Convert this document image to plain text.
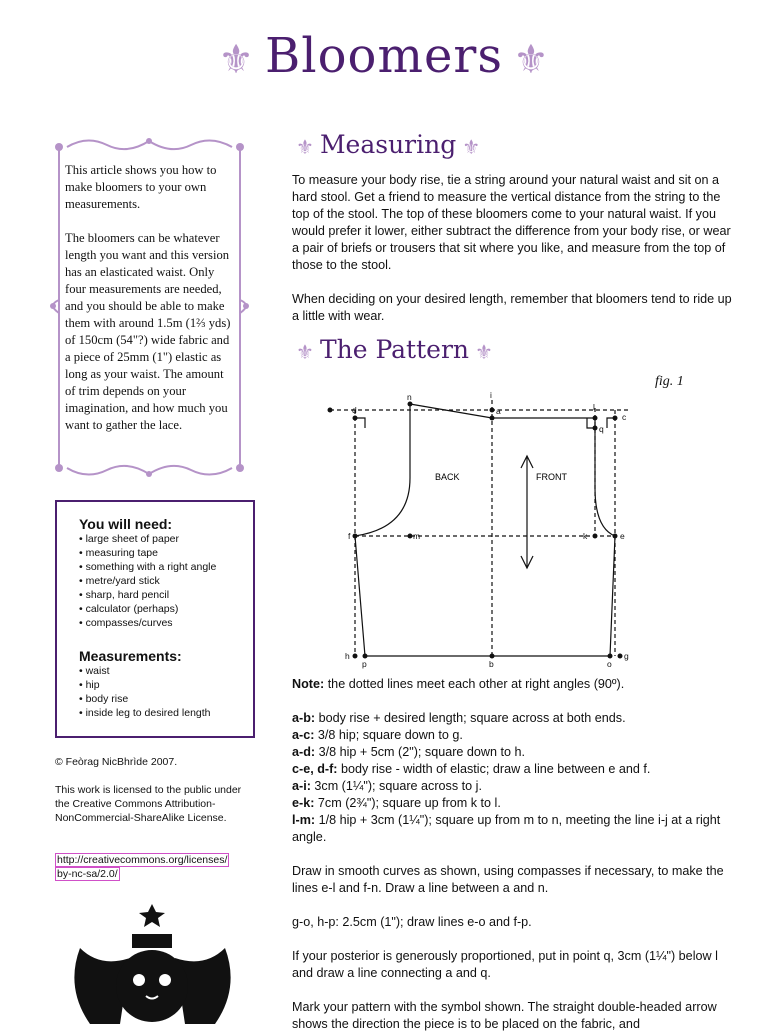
⚜ Bloomers ⚜

This article shows you how to make bloomers to your own measurements.

The bloomers can be whatever length you want and this version has an elasticated waist. Only four measurements are needed, and you should be able to make them with around 1.5m (1⅔ yds) of 150cm (54"?) wide fabric and a piece of 25mm (1") elastic as long as your waist. The amount of trim depends on your imagination, and how much you want to gather the lace.

You will need:
• large sheet of paper
• measuring tape
• something with a right angle
• metre/yard stick
• sharp, hard pencil
• calculator (perhaps)
• compasses/curves
Measurements:
• waist
• hip
• body rise
• inside leg to desired length
© Feòrag NicBhrìde 2007.
This work is licensed to the public under the Creative Commons Attribution-NonCommercial-ShareAlike License.
http://creativecommons.org/licenses/
by-nc-sa/2.0/
⚜ Measuring ⚜
To measure your body rise, tie a string around your natural waist and sit on a hard stool. Get a friend to measure the vertical distance from the string to the top of the stool. The top of these bloomers come to your natural waist. If you would prefer it lower, either subtract the difference from your body rise, or wear a pair of briefs or trousers that sit where you like, and measure from the top of those to the stool.
When deciding on your desired length, remember that bloomers tend to ride up a little with wear.
⚜ The Pattern ⚜
fig. 1
d
n	i
a	l
c
q
f	m	k	e
h
p	b	o
g
BACK	FRONT

Note: the dotted lines meet each other at right angles (90º).

a-b: body rise + desired length; square across at both ends.

a-c: 3/8 hip; square down to g.

a-d: 3/8 hip + 5cm (2"); square down to h.

c-e, d-f: body rise - width of elastic; draw a line between e and f.

a-i: 3cm (1¼"); square across to j.

e-k: 7cm (2¾"); square up from k to l.

l-m: 1/8 hip + 3cm (1¼"); square up from m to n, meeting the line i-j at a right angle.

Draw in smooth curves as shown, using compasses if necessary, to make the lines e-l and f-n. Draw a line between a and n.

g-o, h-p: 2.5cm (1"); draw lines e-o and f-p.

If your posterior is generously proportioned, put in point q, 3cm (1¼") below l and draw a line connecting a and q.

Mark your pattern with the symbol shown. The straight double-headed arrow shows the direction the piece is to be placed on the fabric, and
